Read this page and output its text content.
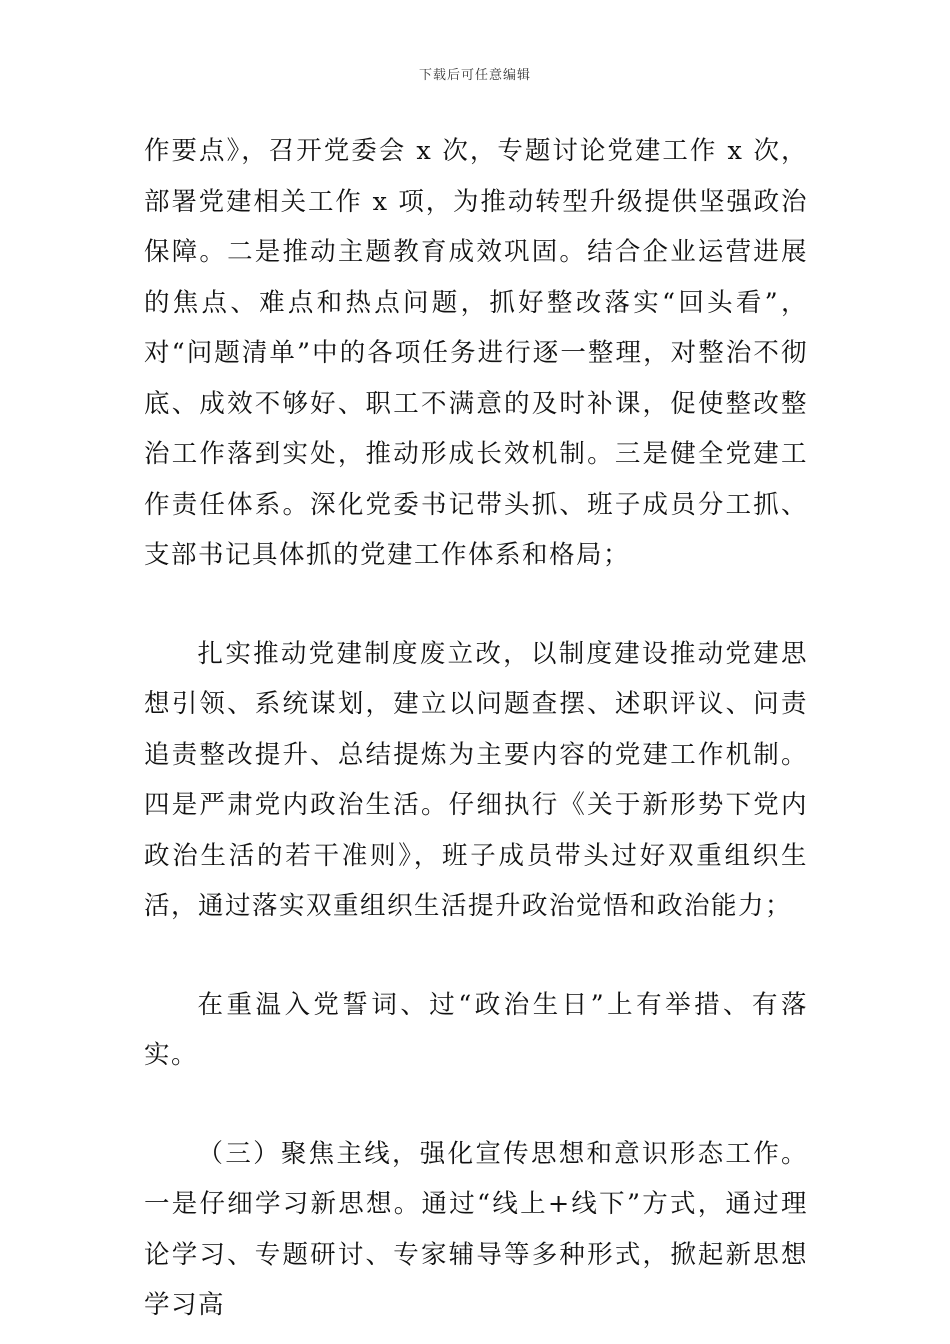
下载后可任意编辑

作要点》，召开党委会 x 次，专题讨论党建工作 x 次，部署党建相关工作 x 项，为推动转型升级提供坚强政治保障。二是推动主题教育成效巩固。结合企业运营进展的焦点、难点和热点问题，抓好整改落实“回头看”，对“问题清单”中的各项任务进行逐一整理，对整治不彻底、成效不够好、职工不满意的及时补课，促使整改整治工作落到实处，推动形成长效机制。三是健全党建工作责任体系。深化党委书记带头抓、班子成员分工抓、支部书记具体抓的党建工作体系和格局；

扎实推动党建制度废立改，以制度建设推动党建思想引领、系统谋划，建立以问题查摆、述职评议、问责追责整改提升、总结提炼为主要内容的党建工作机制。四是严肃党内政治生活。仔细执行《关于新形势下党内政治生活的若干准则》，班子成员带头过好双重组织生活，通过落实双重组织生活提升政治觉悟和政治能力；

在重温入党誓词、过“政治生日”上有举措、有落实。

（三）聚焦主线，强化宣传思想和意识形态工作。一是仔细学习新思想。通过“线上+线下”方式，通过理论学习、专题研讨、专家辅导等多种形式，掀起新思想学习高
